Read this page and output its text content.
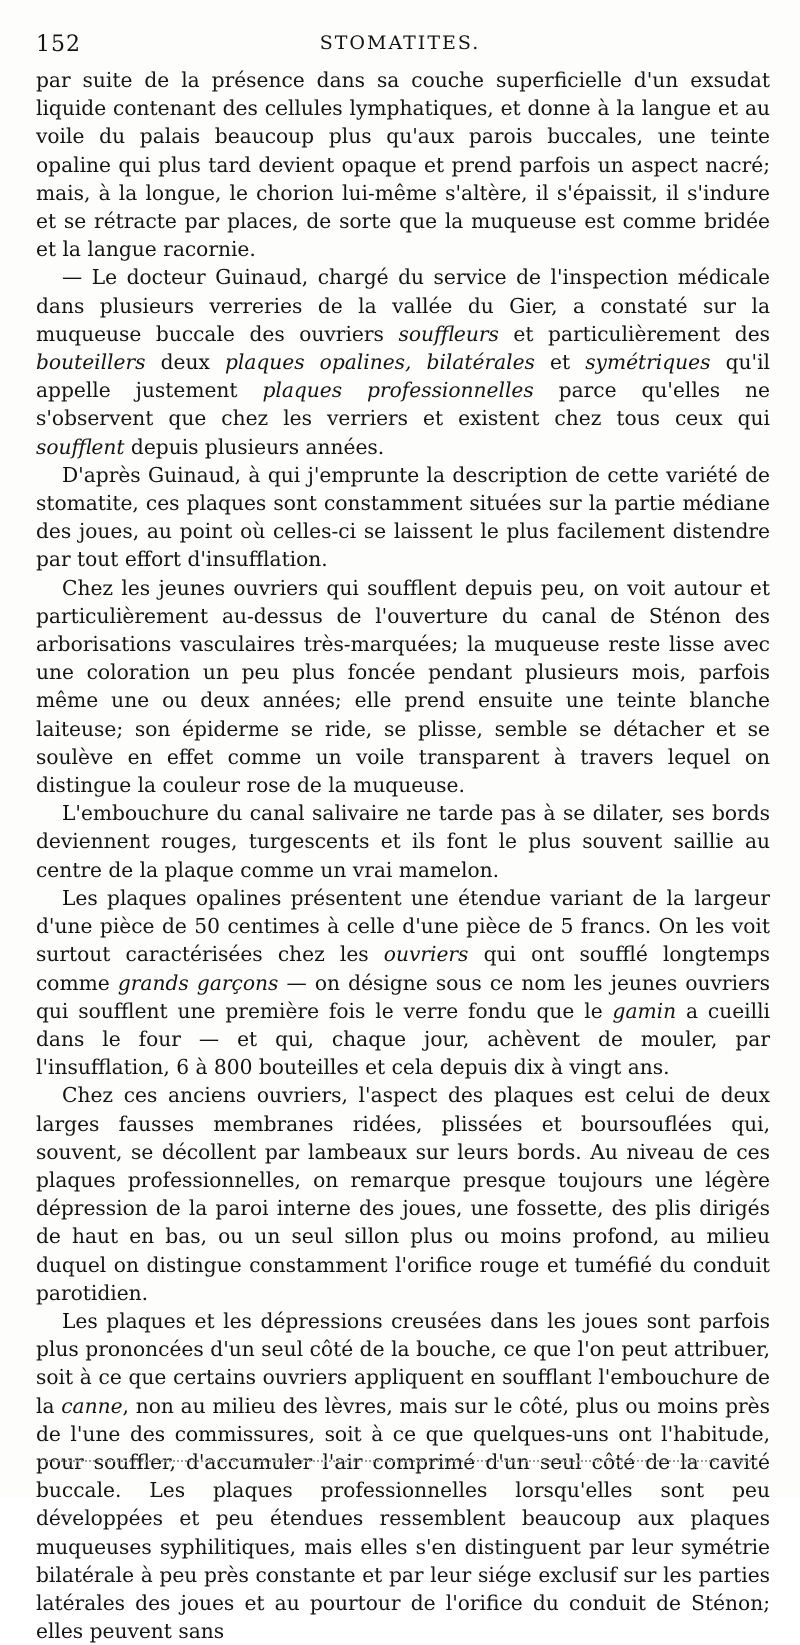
152	STOMATITES.

par suite de la présence dans sa couche superficielle d'un exsudat liquide contenant des cellules lymphatiques, et donne à la langue et au voile du palais beaucoup plus qu'aux parois buccales, une teinte opaline qui plus tard devient opaque et prend parfois un aspect nacré; mais, à la longue, le chorion lui-même s'altère, il s'épaissit, il s'indure et se rétracte par places, de sorte que la muqueuse est comme bridée et la langue racornie.

— Le docteur Guinaud, chargé du service de l'inspection médicale dans plusieurs verreries de la vallée du Gier, a constaté sur la muqueuse buccale des ouvriers souffleurs et particulièrement des bouteillers deux plaques opalines, bilatérales et symétriques qu'il appelle justement plaques professionnelles parce qu'elles ne s'observent que chez les verriers et existent chez tous ceux qui soufflent depuis plusieurs années.

D'après Guinaud, à qui j'emprunte la description de cette variété de stomatite, ces plaques sont constamment situées sur la partie médiane des joues, au point où celles-ci se laissent le plus facilement distendre par tout effort d'insufflation.

Chez les jeunes ouvriers qui soufflent depuis peu, on voit autour et particulièrement au-dessus de l'ouverture du canal de Sténon des arborisations vasculaires très-marquées; la muqueuse reste lisse avec une coloration un peu plus foncée pendant plusieurs mois, parfois même une ou deux années; elle prend ensuite une teinte blanche laiteuse; son épiderme se ride, se plisse, semble se détacher et se soulève en effet comme un voile transparent à travers lequel on distingue la couleur rose de la muqueuse.

L'embouchure du canal salivaire ne tarde pas à se dilater, ses bords deviennent rouges, turgescents et ils font le plus souvent saillie au centre de la plaque comme un vrai mamelon.

Les plaques opalines présentent une étendue variant de la largeur d'une pièce de 50 centimes à celle d'une pièce de 5 francs. On les voit surtout caractérisées chez les ouvriers qui ont soufflé longtemps comme grands garçons — on désigne sous ce nom les jeunes ouvriers qui soufflent une première fois le verre fondu que le gamin a cueilli dans le four — et qui, chaque jour, achèvent de mouler, par l'insufflation, 6 à 800 bouteilles et cela depuis dix à vingt ans.

Chez ces anciens ouvriers, l'aspect des plaques est celui de deux larges fausses membranes ridées, plissées et boursouflées qui, souvent, se décollent par lambeaux sur leurs bords. Au niveau de ces plaques professionnelles, on remarque presque toujours une légère dépression de la paroi interne des joues, une fossette, des plis dirigés de haut en bas, ou un seul sillon plus ou moins profond, au milieu duquel on distingue constamment l'orifice rouge et tuméfié du conduit parotidien.

Les plaques et les dépressions creusées dans les joues sont parfois plus prononcées d'un seul côté de la bouche, ce que l'on peut attribuer, soit à ce que certains ouvriers appliquent en soufflant l'embouchure de la canne, non au milieu des lèvres, mais sur le côté, plus ou moins près de l'une des commissures, soit à ce que quelques-uns ont l'habitude, pour souffler, d'accumuler l'air comprimé d'un seul côté de la cavité buccale. Les plaques professionnelles lorsqu'elles sont peu développées et peu étendues ressemblent beaucoup aux plaques muqueuses syphilitiques, mais elles s'en distinguent par leur symétrie bilatérale à peu près constante et par leur siége exclusif sur les parties latérales des joues et au pourtour de l'orifice du conduit de Sténon; elles peuvent sans
